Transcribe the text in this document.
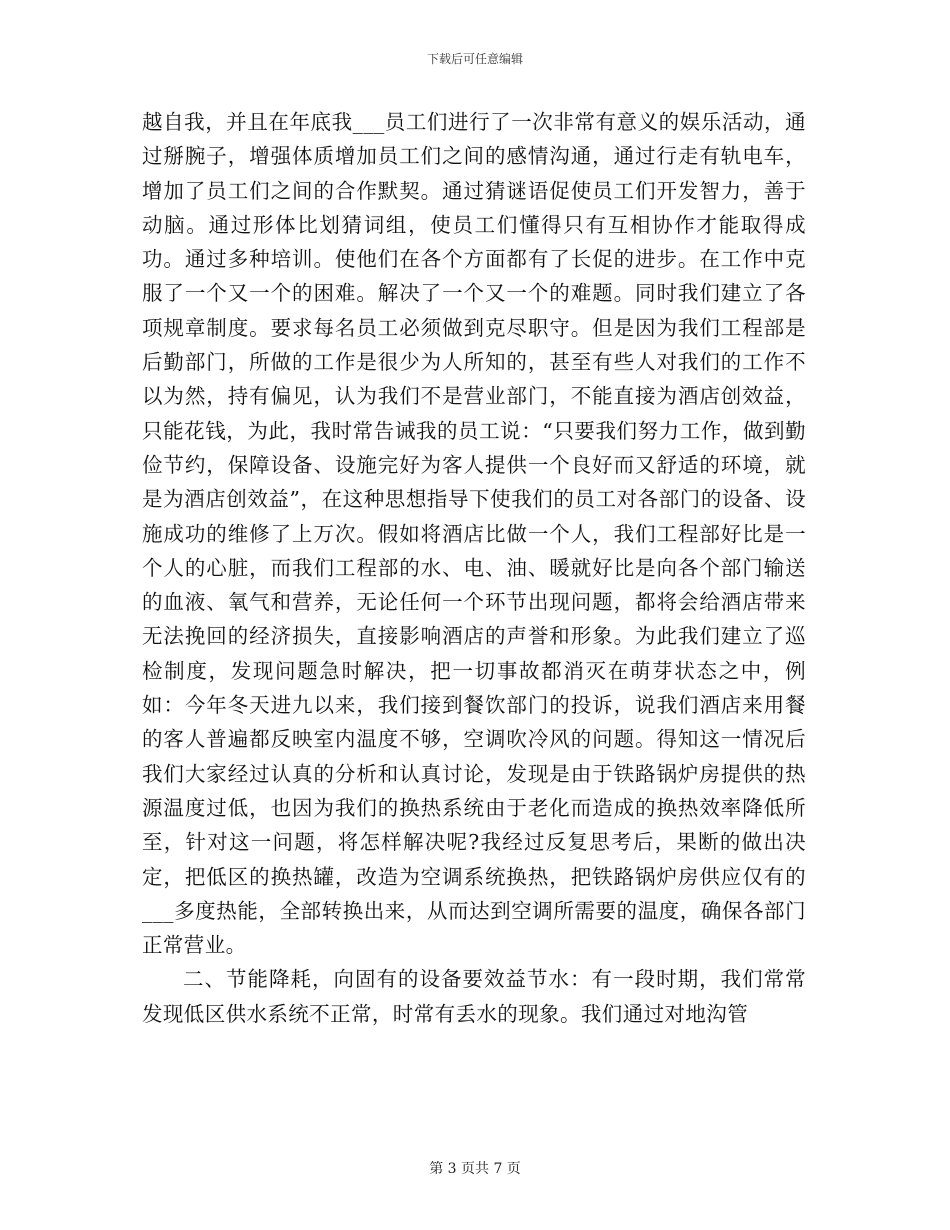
下载后可任意编辑

越自我，并且在年底我___员工们进行了一次非常有意义的娱乐活动，通过掰腕子，增强体质增加员工们之间的感情沟通，通过行走有轨电车，增加了员工们之间的合作默契。通过猜谜语促使员工们开发智力，善于动脑。通过形体比划猜词组，使员工们懂得只有互相协作才能取得成功。通过多种培训。使他们在各个方面都有了长促的进步。在工作中克服了一个又一个的困难。解决了一个又一个的难题。同时我们建立了各项规章制度。要求每名员工必须做到克尽职守。但是因为我们工程部是后勤部门，所做的工作是很少为人所知的，甚至有些人对我们的工作不以为然，持有偏见，认为我们不是营业部门，不能直接为酒店创效益，只能花钱，为此，我时常告诫我的员工说：“只要我们努力工作，做到勤俭节约，保障设备、设施完好为客人提供一个良好而又舒适的环境，就是为酒店创效益”，在这种思想指导下使我们的员工对各部门的设备、设施成功的维修了上万次。假如将酒店比做一个人，我们工程部好比是一个人的心脏，而我们工程部的水、电、油、暖就好比是向各个部门输送的血液、氧气和营养，无论任何一个环节出现问题，都将会给酒店带来无法挽回的经济损失，直接影响酒店的声誉和形象。为此我们建立了巡检制度，发现问题急时解决，把一切事故都消灭在萌芽状态之中，例如：今年冬天进九以来，我们接到餐饮部门的投诉，说我们酒店来用餐的客人普遍都反映室内温度不够，空调吹冷风的问题。得知这一情况后我们大家经过认真的分析和认真讨论，发现是由于铁路锅炉房提供的热源温度过低，也因为我们的换热系统由于老化而造成的换热效率降低所至，针对这一问题，将怎样解决呢?我经过反复思考后，果断的做出决定，把低区的换热罐，改造为空调系统换热，把铁路锅炉房供应仅有的___多度热能，全部转换出来，从而达到空调所需要的温度，确保各部门正常营业。

二、节能降耗，向固有的设备要效益节水：有一段时期，我们常常发现低区供水系统不正常，时常有丢水的现象。我们通过对地沟管

第 3 页共 7 页
